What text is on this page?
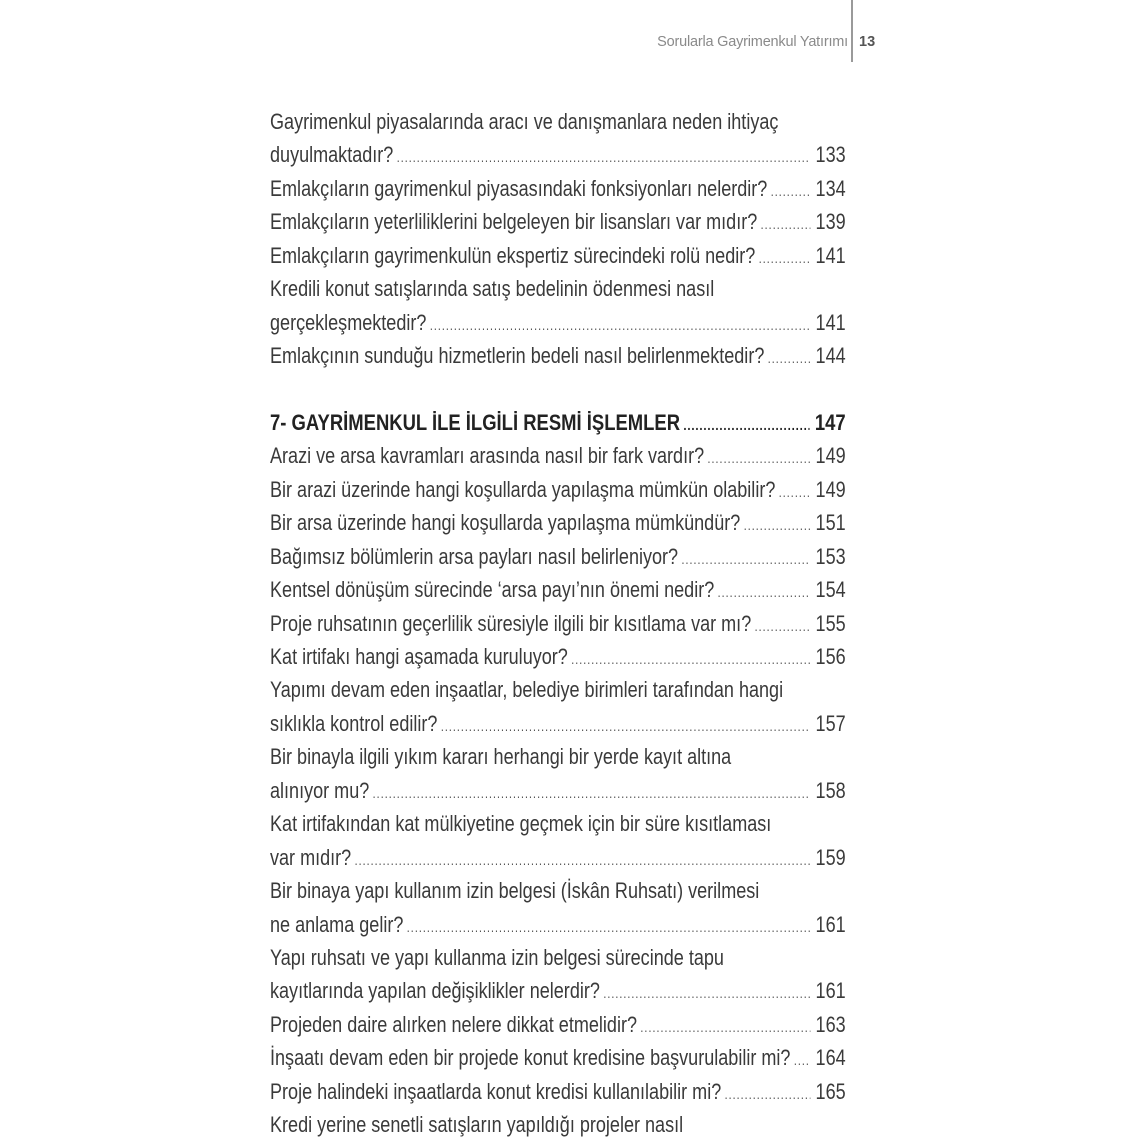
Sorularla Gayrimenkul Yatırımı 13
Gayrimenkul piyasalarında aracı ve danışmanlara neden ihtiyaç
duyulmaktadır? .....	133
Emlakçıların gayrimenkul piyasasındaki fonksiyonları nelerdir? ..... 134
Emlakçıların yeterliliklerini belgeleyen bir lisansları var mıdır? .....	139
Emlakçıların gayrimenkulün ekspertiz sürecindeki rolü nedir? .....	141
Kredili konut satışlarında satış bedelinin ödenmesi nasıl
gerçekleşmektedir? .....	141
Emlakçının sunduğu hizmetlerin bedeli nasıl belirlenmektedir? ..... 144
7- GAYRİMENKUL İLE İLGİLİ RESMİ İŞLEMLER .....	147
Arazi ve arsa kavramları arasında nasıl bir fark vardır? .....	149
Bir arazi üzerinde hangi koşullarda yapılaşma mümkün olabilir? ..... 149
Bir arsa üzerinde hangi koşullarda yapılaşma mümkündür? .....	151
Bağımsız bölümlerin arsa payları nasıl belirleniyor? .....	153
Kentsel dönüşüm sürecinde ‘arsa payı’nın önemi nedir? .....	154
Proje ruhsatının geçerlilik süresiyle ilgili bir kısıtlama var mı? .....	155
Kat irtifakı hangi aşamada kuruluyor? .....	156
Yapımı devam eden inşaatlar, belediye birimleri tarafından hangi
sıklıkla kontrol edilir? .....	157
Bir binayla ilgili yıkım kararı herhangi bir yerde kayıt altına
alınıyor mu? .....	158
Kat irtifakından kat mülkiyetine geçmek için bir süre kısıtlaması
var mıdır? .....	159
Bir binaya yapı kullanım izin belgesi (İskân Ruhsatı) verilmesi
ne anlama gelir? .....	161
Yapı ruhsatı ve yapı kullanma izin belgesi sürecinde tapu
kayıtlarında yapılan değişiklikler nelerdir? .....	161
Projeden daire alırken nelere dikkat etmelidir? .....	163
İnşaatı devam eden bir projede konut kredisine başvurulabilir mi? ..... 164
Proje halindeki inşaatlarda konut kredisi kullanılabilir mi? .....	165
Kredi yerine senetli satışların yapıldığı projeler nasıl
